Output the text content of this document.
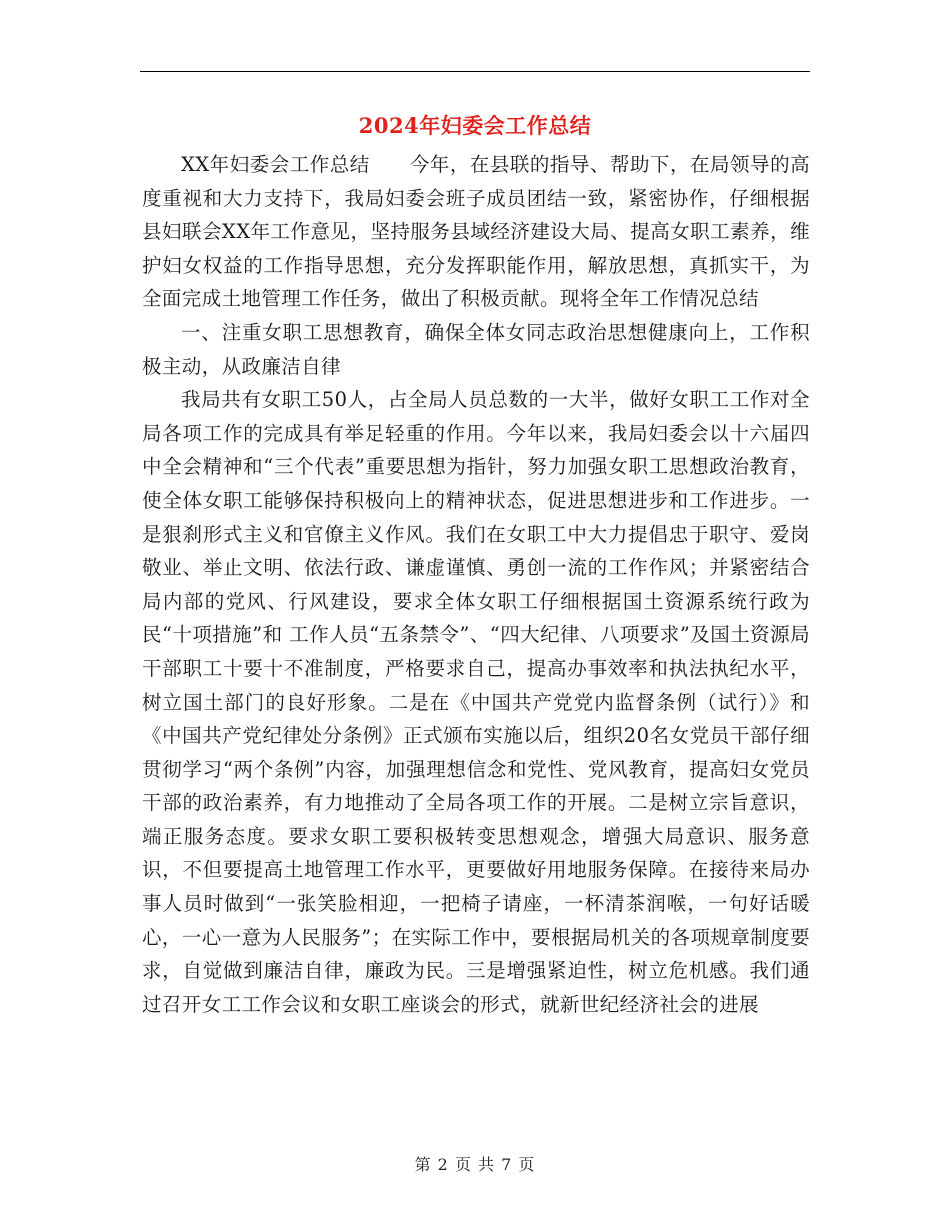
2024年妇委会工作总结

XX年妇委会工作总结　　今年，在县联的指导、帮助下，在局领导的高度重视和大力支持下，我局妇委会班子成员团结一致，紧密协作，仔细根据县妇联会XX年工作意见，坚持服务县域经济建设大局、提高女职工素养，维护妇女权益的工作指导思想，充分发挥职能作用，解放思想，真抓实干，为全面完成土地管理工作任务，做出了积极贡献。现将全年工作情况总结

一、注重女职工思想教育，确保全体女同志政治思想健康向上，工作积极主动，从政廉洁自律

我局共有女职工50人，占全局人员总数的一大半，做好女职工工作对全局各项工作的完成具有举足轻重的作用。今年以来，我局妇委会以十六届四中全会精神和“三个代表”重要思想为指针，努力加强女职工思想政治教育，使全体女职工能够保持积极向上的精神状态，促进思想进步和工作进步。一是狠刹形式主义和官僚主义作风。我们在女职工中大力提倡忠于职守、爱岗敬业、举止文明、依法行政、谦虚谨慎、勇创一流的工作作风；并紧密结合局内部的党风、行风建设，要求全体女职工仔细根据国土资源系统行政为民“十项措施”和 工作人员“五条禁令”、“四大纪律、八项要求”及国土资源局干部职工十要十不准制度，严格要求自己，提高办事效率和执法执纪水平，树立国土部门的良好形象。二是在《中国共产党党内监督条例（试行）》和《中国共产党纪律处分条例》正式颁布实施以后，组织20名女党员干部仔细贯彻学习“两个条例”内容，加强理想信念和党性、党风教育，提高妇女党员干部的政治素养，有力地推动了全局各项工作的开展。二是树立宗旨意识，端正服务态度。要求女职工要积极转变思想观念，增强大局意识、服务意识，不但要提高土地管理工作水平，更要做好用地服务保障。在接待来局办事人员时做到“一张笑脸相迎，一把椅子请座，一杯清茶润喉，一句好话暖心，一心一意为人民服务”；在实际工作中，要根据局机关的各项规章制度要求，自觉做到廉洁自律，廉政为民。三是增强紧迫性，树立危机感。我们通过召开女工工作会议和女职工座谈会的形式，就新世纪经济社会的进展

第 2 页 共 7 页
